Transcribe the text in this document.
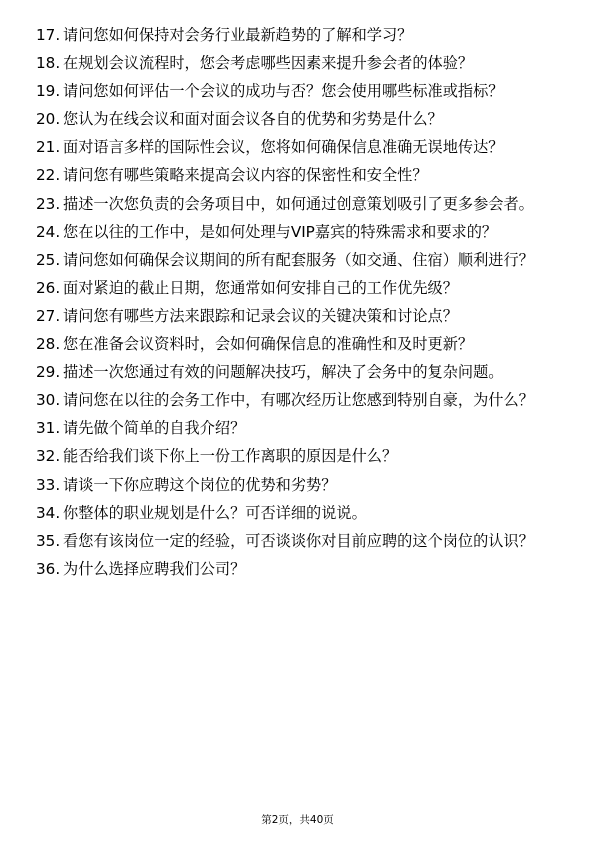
17. 请问您如何保持对会务行业最新趋势的了解和学习？
18. 在规划会议流程时，您会考虑哪些因素来提升参会者的体验？
19. 请问您如何评估一个会议的成功与否？您会使用哪些标准或指标？
20. 您认为在线会议和面对面会议各自的优势和劣势是什么？
21. 面对语言多样的国际性会议，您将如何确保信息准确无误地传达？
22. 请问您有哪些策略来提高会议内容的保密性和安全性？
23. 描述一次您负责的会务项目中，如何通过创意策划吸引了更多参会者。
24. 您在以往的工作中，是如何处理与VIP嘉宾的特殊需求和要求的？
25. 请问您如何确保会议期间的所有配套服务（如交通、住宿）顺利进行？
26. 面对紧迫的截止日期，您通常如何安排自己的工作优先级？
27. 请问您有哪些方法来跟踪和记录会议的关键决策和讨论点？
28. 您在准备会议资料时，会如何确保信息的准确性和及时更新？
29. 描述一次您通过有效的问题解决技巧，解决了会务中的复杂问题。
30. 请问您在以往的会务工作中，有哪次经历让您感到特别自豪，为什么？
31. 请先做个简单的自我介绍？
32. 能否给我们谈下你上一份工作离职的原因是什么？
33. 请谈一下你应聘这个岗位的优势和劣势？
34. 你整体的职业规划是什么？可否详细的说说。
35. 看您有该岗位一定的经验，可否谈谈你对目前应聘的这个岗位的认识？
36. 为什么选择应聘我们公司？
第2页，共40页
